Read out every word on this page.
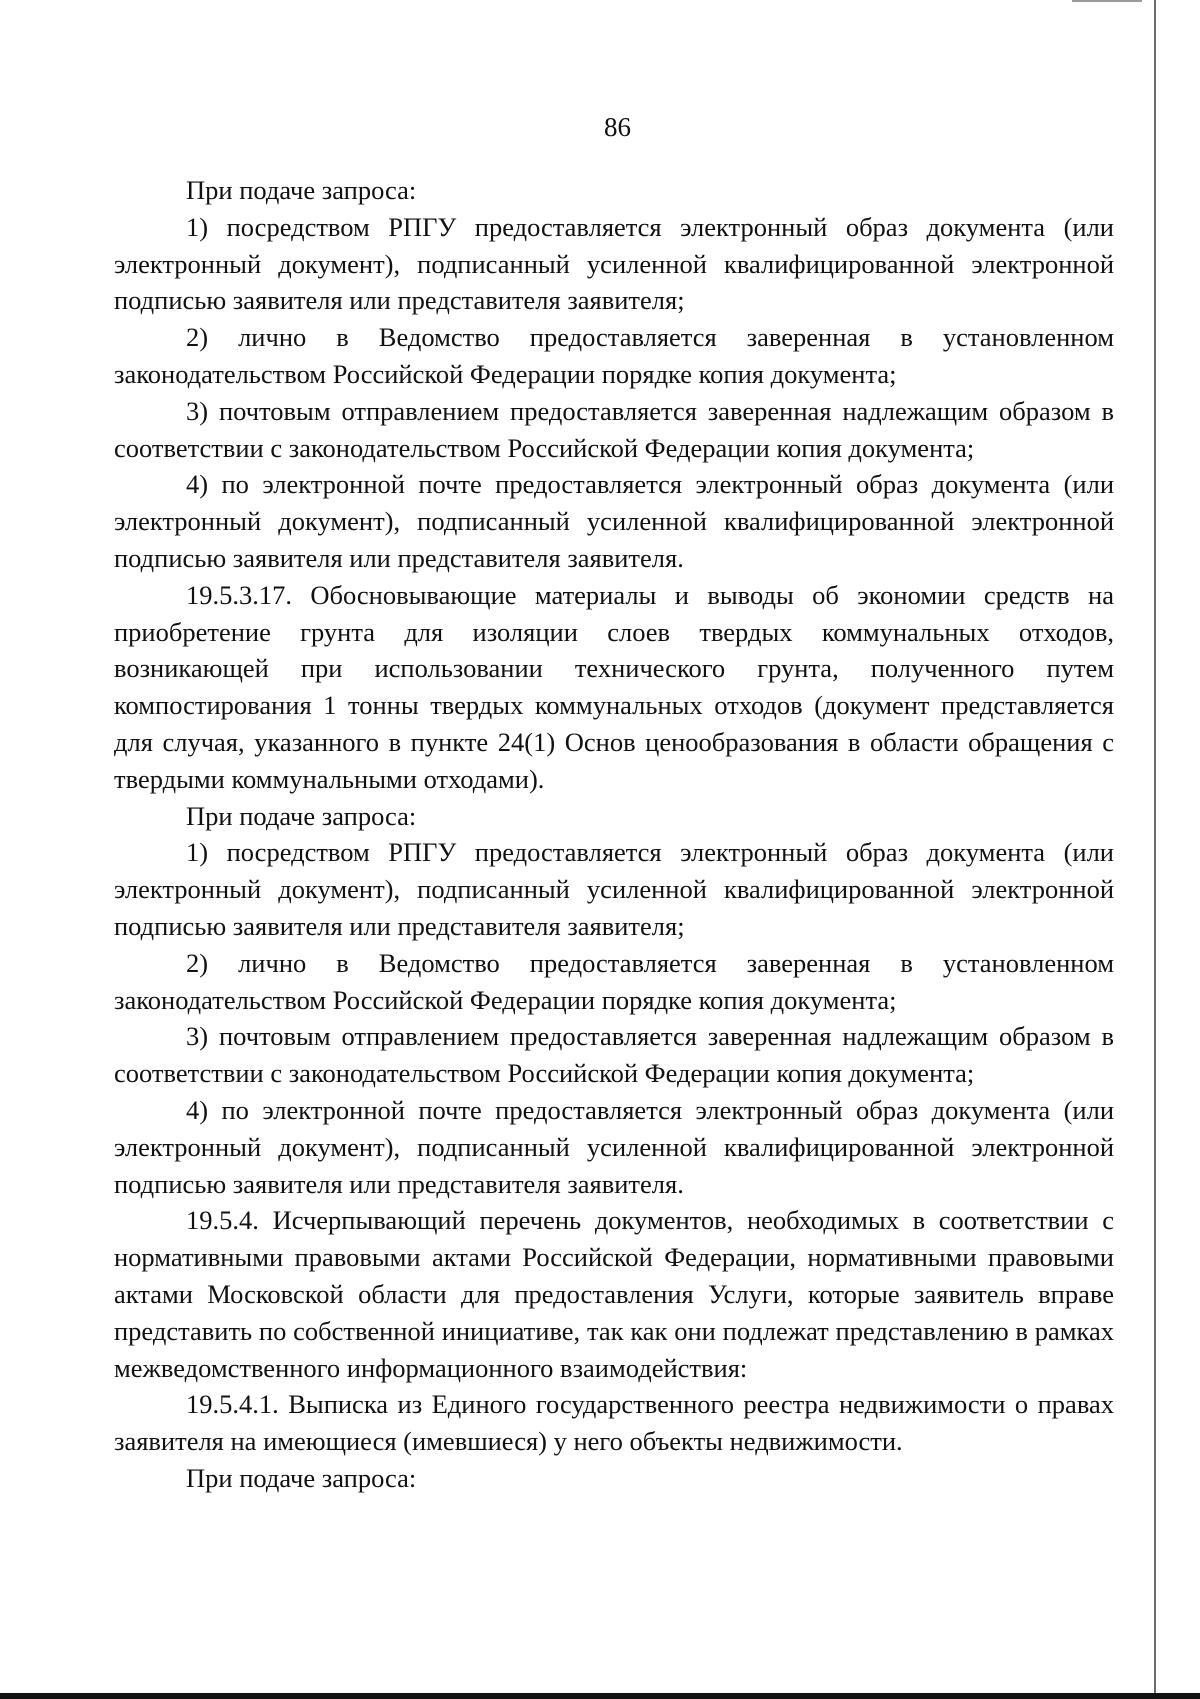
86

При подаче запроса:

1) посредством РПГУ предоставляется электронный образ документа (или электронный документ), подписанный усиленной квалифицированной электронной подписью заявителя или представителя заявителя;

2) лично в Ведомство предоставляется заверенная в установленном законодательством Российской Федерации порядке копия документа;

3) почтовым отправлением предоставляется заверенная надлежащим образом в соответствии с законодательством Российской Федерации копия документа;

4) по электронной почте предоставляется электронный образ документа (или электронный документ), подписанный усиленной квалифицированной электронной подписью заявителя или представителя заявителя.

19.5.3.17. Обосновывающие материалы и выводы об экономии средств на приобретение грунта для изоляции слоев твердых коммунальных отходов, возникающей при использовании технического грунта, полученного путем компостирования 1 тонны твердых коммунальных отходов (документ представляется для случая, указанного в пункте 24(1) Основ ценообразования в области обращения с твердыми коммунальными отходами).

При подаче запроса:

1) посредством РПГУ предоставляется электронный образ документа (или электронный документ), подписанный усиленной квалифицированной электронной подписью заявителя или представителя заявителя;

2) лично в Ведомство предоставляется заверенная в установленном законодательством Российской Федерации порядке копия документа;

3) почтовым отправлением предоставляется заверенная надлежащим образом в соответствии с законодательством Российской Федерации копия документа;

4) по электронной почте предоставляется электронный образ документа (или электронный документ), подписанный усиленной квалифицированной электронной подписью заявителя или представителя заявителя.

19.5.4. Исчерпывающий перечень документов, необходимых в соответствии с нормативными правовыми актами Российской Федерации, нормативными правовыми актами Московской области для предоставления Услуги, которые заявитель вправе представить по собственной инициативе, так как они подлежат представлению в рамках межведомственного информационного взаимодействия:

19.5.4.1. Выписка из Единого государственного реестра недвижимости о правах заявителя на имеющиеся (имевшиеся) у него объекты недвижимости.

При подаче запроса:
